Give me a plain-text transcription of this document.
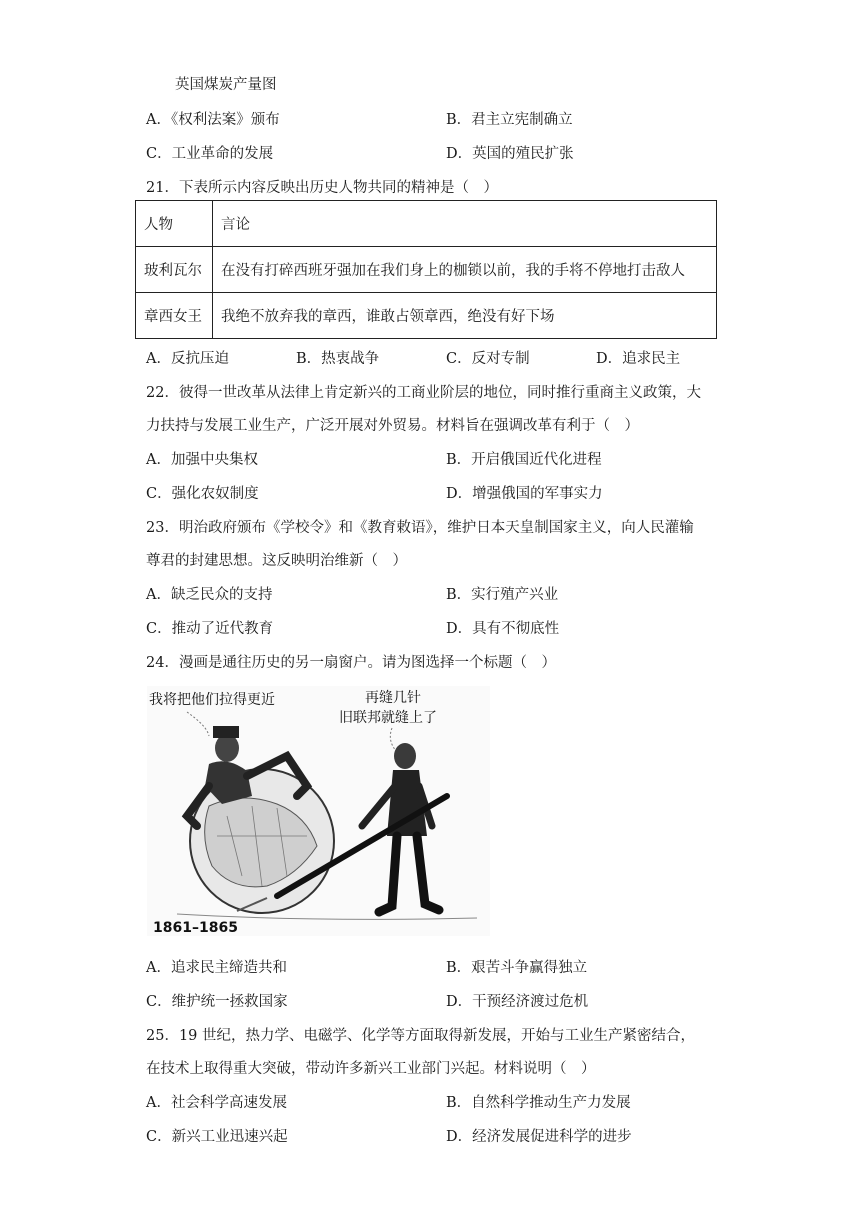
英国煤炭产量图
A．《权利法案》颁布	B．君主立宪制确立
C．工业革命的发展	D．英国的殖民扩张
21．下表所示内容反映出历史人物共同的精神是（　）
人物	言论
玻利瓦尔	在没有打碎西班牙强加在我们身上的枷锁以前，我的手将不停地打击敌人
章西女王	我绝不放弃我的章西，谁敢占领章西，绝没有好下场
A．反抗压迫	B．热衷战争	C．反对专制	D．追求民主
22．彼得一世改革从法律上肯定新兴的工商业阶层的地位，同时推行重商主义政策，大
力扶持与发展工业生产，广泛开展对外贸易。材料旨在强调改革有利于（　）
A．加强中央集权	B．开启俄国近代化进程
C．强化农奴制度	D．增强俄国的军事实力
23．明治政府颁布《学校令》和《教育敕语》，维护日本天皇制国家主义，向人民灌输
尊君的封建思想。这反映明治维新（　）
A．缺乏民众的支持	B．实行殖产兴业
C．推动了近代教育	D．具有不彻底性
24．漫画是通往历史的另一扇窗户。请为图选择一个标题（　）
我将把他们拉得更近	再缝几针
旧联邦就缝上了
1861–1865
A．追求民主缔造共和	B．艰苦斗争赢得独立
C．维护统一拯救国家	D．干预经济渡过危机
25．19 世纪，热力学、电磁学、化学等方面取得新发展，开始与工业生产紧密结合，
在技术上取得重大突破，带动许多新兴工业部门兴起。材料说明（　）
A．社会科学高速发展	B．自然科学推动生产力发展
C．新兴工业迅速兴起	D．经济发展促进科学的进步
